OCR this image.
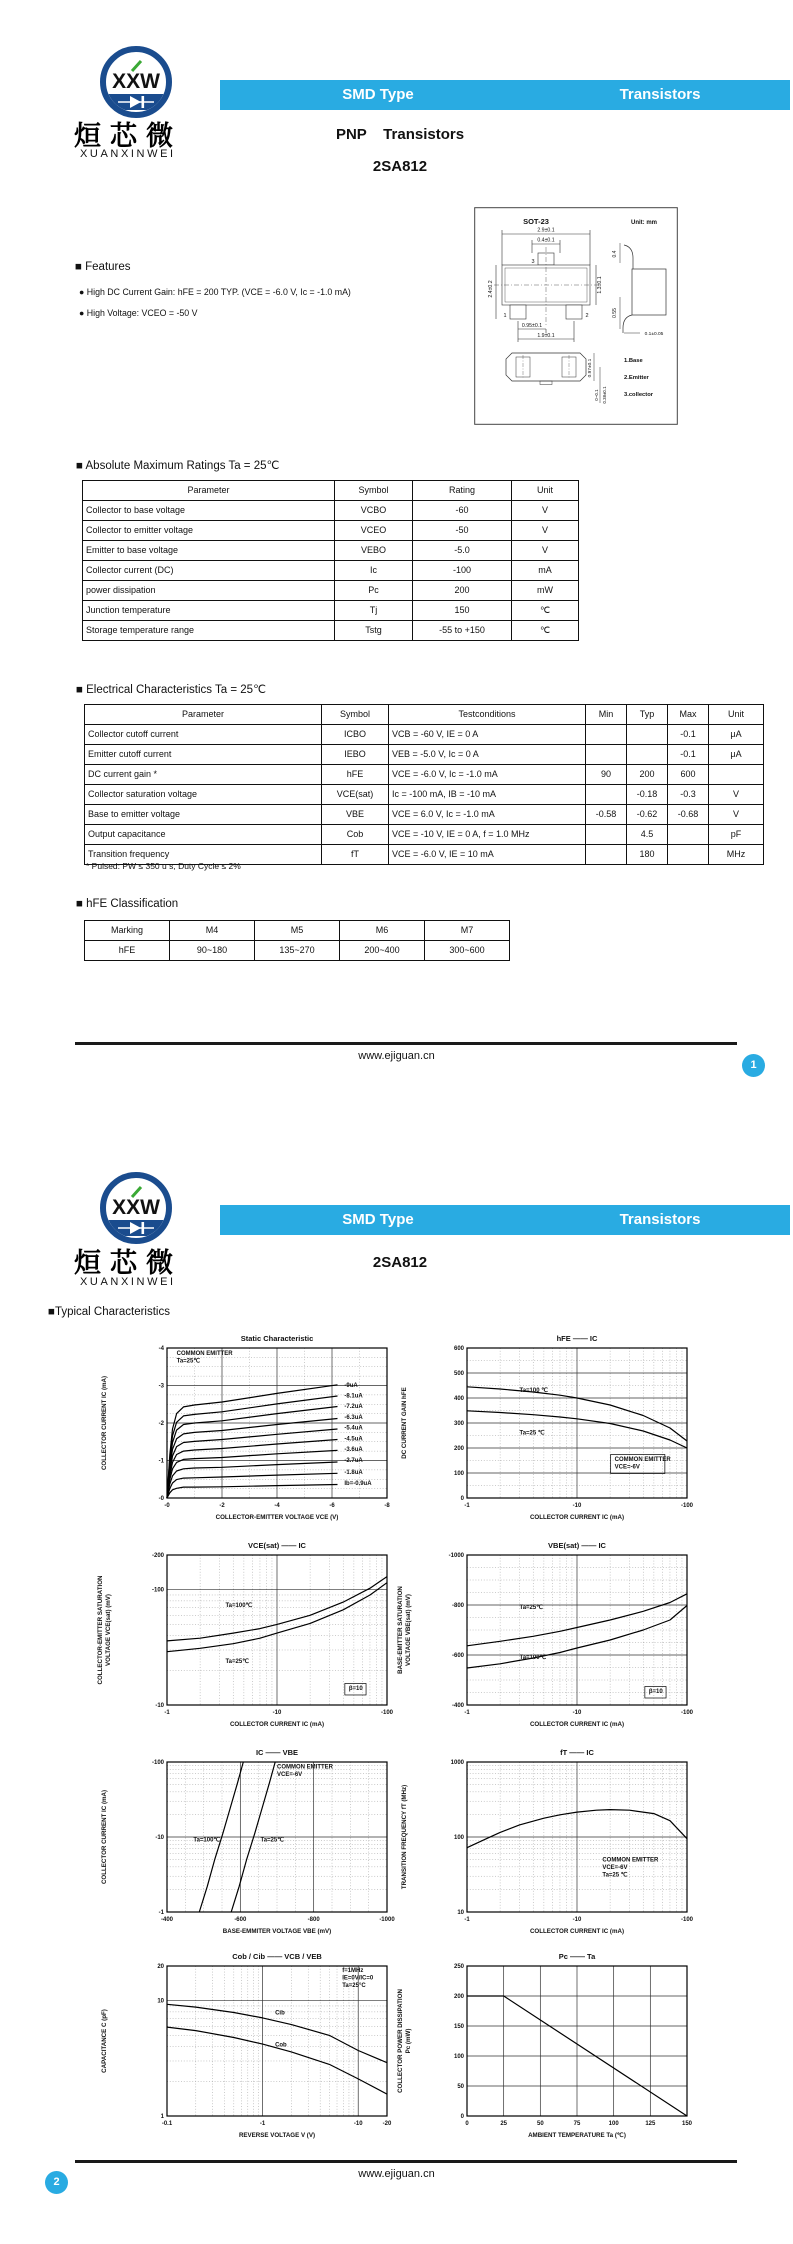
XXW
烜芯微
XUANXINWEI
SMD Type	Transistors
PNP    Transistors
2SA812
SOT-23	Unit: mm
2.9±0.1
0.4±0.1
2.4±0.2	1.3±0.1
0.95±0.1
1.9±0.1
3
1	2
0.4
0.55
0.1±0.05
0.97±0.1
0~0.1 0.38±0.1
1.Base
2.Emitter
3.collector
■ Features
● High DC Current Gain: hFE = 200 TYP. (VCE = -6.0 V, Ic = -1.0 mA)
● High Voltage: VCEO = -50 V
■ Absolute Maximum Ratings Ta = 25℃
Parameter	Symbol	Rating	Unit
Collector to base voltage	VCBO	-60	V
Collector to emitter voltage	VCEO	-50	V
Emitter to base voltage	VEBO	-5.0	V
Collector current (DC)	Ic	-100	mA
power dissipation	Pc	200	mW
Junction temperature	Tj	150	℃
Storage temperature range	Tstg	-55 to +150	℃
■ Electrical Characteristics Ta = 25℃
Parameter	Symbol	Testconditions	Min	Typ	Max	Unit
Collector cutoff current	ICBO	VCB = -60 V, IE = 0 A			-0.1	μA
Emitter cutoff current	IEBO	VEB = -5.0 V, Ic = 0 A			-0.1	μA
DC current gain *	hFE	VCE = -6.0 V, Ic = -1.0 mA	90	200	600	
Collector saturation voltage	VCE(sat)	Ic = -100 mA, IB = -10 mA		-0.18	-0.3	V
Base to emitter voltage	VBE	VCE = 6.0 V, Ic = -1.0 mA	-0.58	-0.62	-0.68	V
Output capacitance	Cob	VCE = -10 V, IE = 0 A, f = 1.0 MHz		4.5		pF
Transition frequency	fT	VCE = -6.0 V, IE = 10 mA		180		MHz
* Pulsed: PW ≤ 350 u s, Duty Cycle ≤ 2%
■ hFE Classification
Marking	M4	M5	M6	M7
hFE	90~180	135~270	200~400	300~600
www.ejiguan.cn
1
XXW
烜芯微
XUANXINWEI
SMD Type	Transistors
2SA812
■Typical Characteristics
-0	-2	-4	-6	-8
-0
-1
-2
-3
-4
Static Characteristic
COLLECTOR-EMITTER VOLTAGE VCE (V)
COLLECTOR CURRENT IC (mA)	-9uA
-8.1uA
-7.2uA
-6.3uA
-5.4uA
-4.5uA
-3.6uA
-2.7uA
-1.8uA
Ib=-0.9uA
COMMON EMITTER
Ta=25℃
-1	-10	-100
0
100
200
300
400
500
600
hFE —— IC
COLLECTOR CURRENT IC (mA)
DC CURRENT GAIN hFE	Ta=100 ℃
Ta=25 ℃
COMMON EMITTER
VCE=-6V
-1	-10	-100
-10
-100
-200
VCE(sat) —— IC
COLLECTOR CURRENT IC (mA)
COLLECTOR-EMITTER SATURATION VOLTAGE VCE(sat) (mV)	Ta=100℃
Ta=25℃
β=10
-1	-10	-100
-400
-600
-800
-1000
VBE(sat) —— IC
COLLECTOR CURRENT IC (mA)
BASE-EMITTER SATURATION VOLTAGE VBE(sat) (mV)	Ta=25℃
Ta=100℃
β=10
-400	-600	-800	-1000
-1
-10
-100
IC —— VBE
BASE-EMMITER VOLTAGE VBE (mV)
COLLECTOR CURRENT IC (mA)	Ta=100℃	Ta=25℃
COMMON EMITTER
VCE=-6V
-1	-10	-100
10
100
1000
fT —— IC
COLLECTOR CURRENT IC (mA)
TRANSITION FREQUENCY fT (MHz)	COMMON EMITTER
VCE=-6V
Ta=25 ℃
-0.1	-1	-10	-20
1
10
20
Cob / Cib —— VCB / VEB
REVERSE VOLTAGE V (V)
CAPACITANCE C (pF)	Cib
Cob
f=1MHz
IE=0V/IC=0
Ta=25°C
0	25	50	75	100	125	150
0
50
100
150
200
250
Pc —— Ta
AMBIENT TEMPERATURE Ta (℃)
COLLECTOR POWER DISSIPATION Pc (mW)
www.ejiguan.cn
2
